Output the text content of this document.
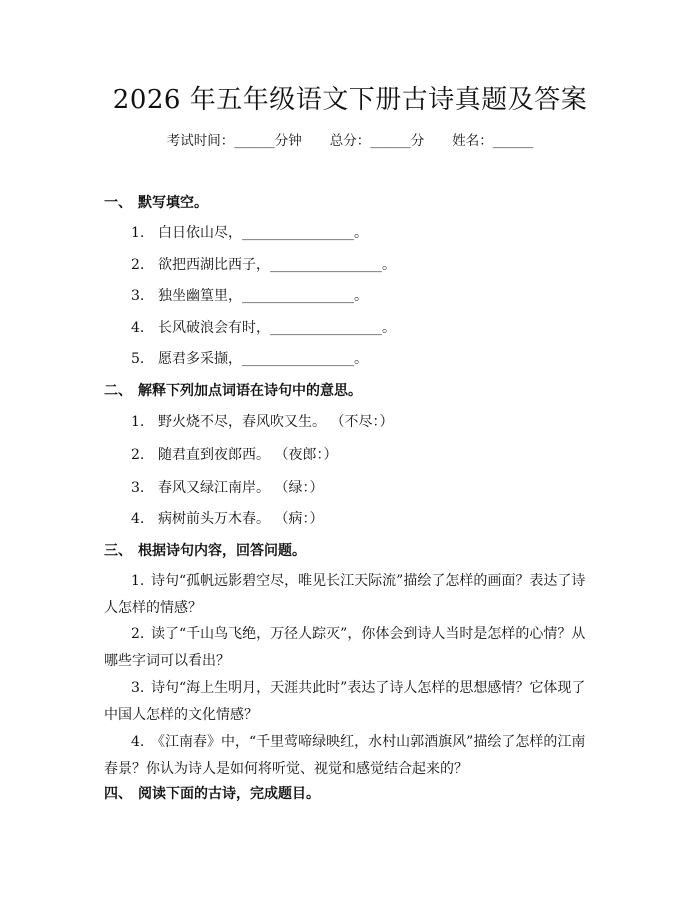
2026 年五年级语文下册古诗真题及答案
考试时间：______分钟 总分：______分 姓名：______
一、 默写填空。
1. 白日依山尽，________________。
2. 欲把西湖比西子，________________。
3. 独坐幽篁里，________________。
4. 长风破浪会有时，________________。
5. 愿君多采撷，________________。
二、 解释下列加点词语在诗句中的意思。
1. 野火烧不尽，春风吹又生。 （不尽：）
2. 随君直到夜郎西。 （夜郎：）
3. 春风又绿江南岸。 （绿：）
4. 病树前头万木春。 （病：）
三、 根据诗句内容，回答问题。
1. 诗句“孤帆远影碧空尽，唯见长江天际流”描绘了怎样的画面？表达了诗
人怎样的情感？
2. 读了“千山鸟飞绝，万径人踪灭”，你体会到诗人当时是怎样的心情？从
哪些字词可以看出？
3. 诗句“海上生明月，天涯共此时”表达了诗人怎样的思想感情？它体现了
中国人怎样的文化情感？
4. 《江南春》中，“千里莺啼绿映红，水村山郭酒旗风”描绘了怎样的江南
春景？你认为诗人是如何将听觉、视觉和感觉结合起来的？
四、 阅读下面的古诗，完成题目。
